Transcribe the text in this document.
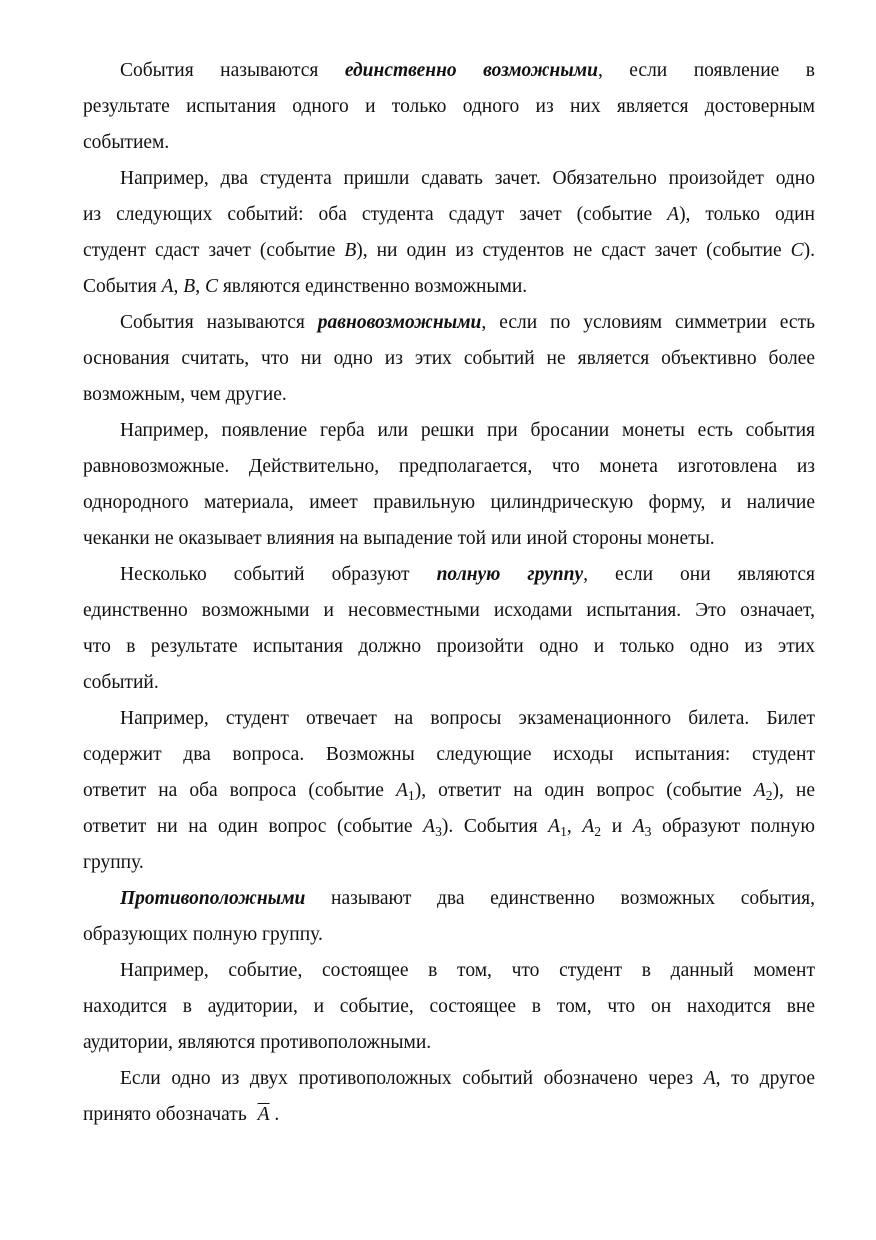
События называются единственно возможными, если появление в
результате испытания одного и только одного из них является достоверным
событием.
Например, два студента пришли сдавать зачет. Обязательно произойдет одно
из следующих событий: оба студента сдадут зачет (событие A), только один
студент сдаст зачет (событие B), ни один из студентов не сдаст зачет (событие C).
События A, B, C являются единственно возможными.
События называются равновозможными, если по условиям симметрии есть
основания считать, что ни одно из этих событий не является объективно более
возможным, чем другие.
Например, появление герба или решки при бросании монеты есть события
равновозможные. Действительно, предполагается, что монета изготовлена из
однородного материала, имеет правильную цилиндрическую форму, и наличие
чеканки не оказывает влияния на выпадение той или иной стороны монеты.
Несколько событий образуют полную группу, если они являются
единственно возможными и несовместными исходами испытания. Это означает,
что в результате испытания должно произойти одно и только одно из этих
событий.
Например, студент отвечает на вопросы экзаменационного билета. Билет
содержит два вопроса. Возможны следующие исходы испытания: студент
ответит на оба вопроса (событие $A_1$), ответит на один вопрос (событие $A_2$), не
ответит ни на один вопрос (событие $A_3$). События $A_1$, $A_2$ и $A_3$ образуют полную
группу.
Противоположными называют два единственно возможных события,
образующих полную группу.
Например, событие, состоящее в том, что студент в данный момент
находится в аудитории, и событие, состоящее в том, что он находится вне
аудитории, являются противоположными.
Если одно из двух противоположных событий обозначено через A, то другое
принято обозначать $\overline{A}$ .
